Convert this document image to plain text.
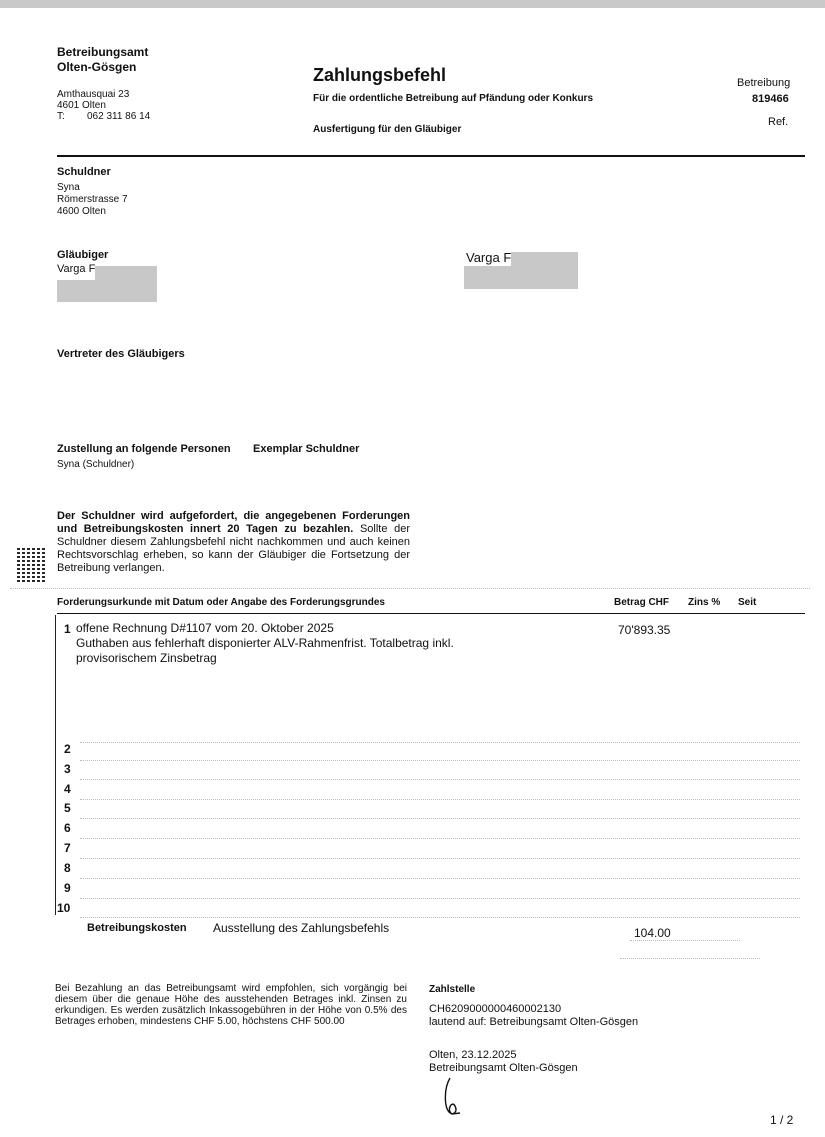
Betreibungsamt
Olten-Gösgen
Amthausquai 23
4601 Olten
T: 062 311 86 14
Zahlungsbefehl
Für die ordentliche Betreibung auf Pfändung oder Konkurs
Ausfertigung für den Gläubiger
Betreibung
819466
Ref.
Schuldner
Syna
Römerstrasse 7
4600 Olten
Gläubiger
Varga F
Varga F
Vertreter des Gläubigers
Zustellung an folgende Personen Exemplar Schuldner
Syna (Schuldner)
Der Schuldner wird aufgefordert, die angegebenen Forderungen und Betreibungskosten innert 20 Tagen zu bezahlen. Sollte der Schuldner diesem Zahlungsbefehl nicht nachkommen und auch keinen Rechtsvorschlag erheben, so kann der Gläubiger die Fortsetzung der Betreibung verlangen.
Forderungsurkunde mit Datum oder Angabe des Forderungsgrundes	Betrag CHF Zins % Seit
1 offene Rechnung D#1107 vom 20. Oktober 2025
Guthaben aus fehlerhaft disponierter ALV-Rahmenfrist. Totalbetrag inkl.
provisorischem Zinsbetrag
70'893.35
2
3
4
5
6
7
8
9
10
Betreibungskosten Ausstellung des Zahlungsbefehls	104.00
Bei Bezahlung an das Betreibungsamt wird empfohlen, sich vorgängig bei diesem über die genaue Höhe des ausstehenden Betrages inkl. Zinsen zu erkundigen. Es werden zusätzlich Inkassogebühren in der Höhe von 0.5% des Betrages erhoben, mindestens CHF 5.00, höchstens CHF 500.00
Zahlstelle
CH6209000000460002130
lautend auf: Betreibungsamt Olten-Gösgen
Olten, 23.12.2025
Betreibungsamt Olten-Gösgen
1 / 2
